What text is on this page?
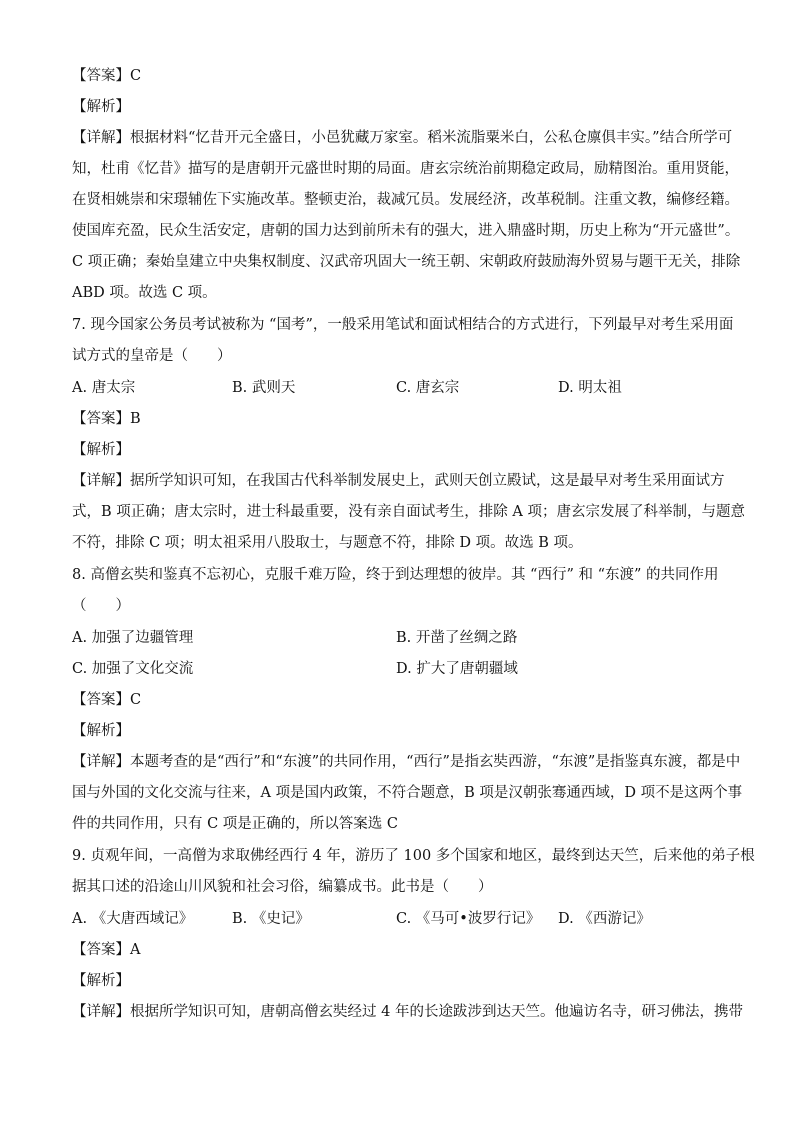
【答案】C
【解析】
【详解】根据材料“忆昔开元全盛日，小邑犹藏万家室。稻米流脂粟米白，公私仓廪俱丰实。”结合所学可
知，杜甫《忆昔》描写的是唐朝开元盛世时期的局面。唐玄宗统治前期稳定政局，励精图治。重用贤能，
在贤相姚崇和宋璟辅佐下实施改革。整顿吏治，裁减冗员。发展经济，改革税制。注重文教，编修经籍。
使国库充盈，民众生活安定，唐朝的国力达到前所未有的强大，进入鼎盛时期，历史上称为“开元盛世”。
C 项正确；秦始皇建立中央集权制度、汉武帝巩固大一统王朝、宋朝政府鼓励海外贸易与题干无关，排除
ABD 项。故选 C 项。
7. 现今国家公务员考试被称为 “国考”，一般采用笔试和面试相结合的方式进行，下列最早对考生采用面
试方式的皇帝是（　　）
A. 唐太宗	B. 武则天	C. 唐玄宗	D. 明太祖
【答案】B
【解析】
【详解】据所学知识可知，在我国古代科举制发展史上，武则天创立殿试，这是最早对考生采用面试方
式，B 项正确；唐太宗时，进士科最重要，没有亲自面试考生，排除 A 项；唐玄宗发展了科举制，与题意
不符，排除 C 项；明太祖采用八股取士，与题意不符，排除 D 项。故选 B 项。
8. 高僧玄奘和鉴真不忘初心，克服千难万险，终于到达理想的彼岸。其 “西行” 和 “东渡” 的共同作用
（　　）
A. 加强了边疆管理	B. 开凿了丝绸之路
C. 加强了文化交流	D. 扩大了唐朝疆域
【答案】C
【解析】
【详解】本题考查的是“西行”和“东渡”的共同作用，“西行”是指玄奘西游，“东渡”是指鉴真东渡，都是中
国与外国的文化交流与往来，A 项是国内政策，不符合题意，B 项是汉朝张骞通西域，D 项不是这两个事
件的共同作用，只有 C 项是正确的，所以答案选 C
9. 贞观年间，一高僧为求取佛经西行 4 年，游历了 100 多个国家和地区，最终到达天竺，后来他的弟子根
据其口述的沿途山川风貌和社会习俗，编纂成书。此书是（　　）
A. 《大唐西域记》	B. 《史记》	C. 《马可•波罗行记》 D. 《西游记》
【答案】A
【解析】
【详解】根据所学知识可知，唐朝高僧玄奘经过 4 年的长途跋涉到达天竺。他遍访名寺，研习佛法，携带
